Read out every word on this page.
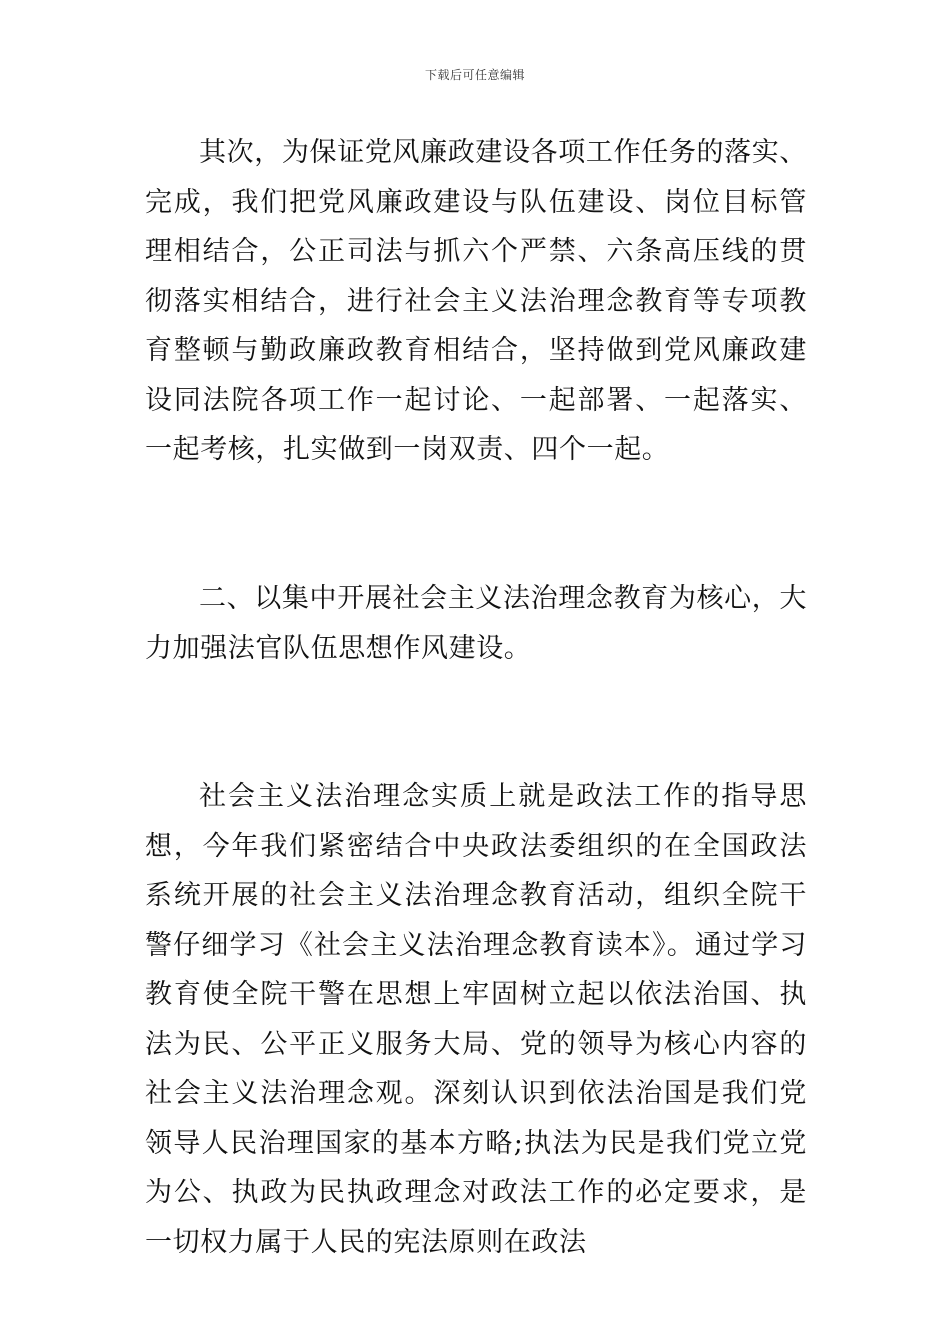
下载后可任意编辑

其次，为保证党风廉政建设各项工作任务的落实、完成，我们把党风廉政建设与队伍建设、岗位目标管理相结合，公正司法与抓六个严禁、六条高压线的贯彻落实相结合，进行社会主义法治理念教育等专项教育整顿与勤政廉政教育相结合，坚持做到党风廉政建设同法院各项工作一起讨论、一起部署、一起落实、一起考核，扎实做到一岗双责、四个一起。

二、以集中开展社会主义法治理念教育为核心，大力加强法官队伍思想作风建设。

社会主义法治理念实质上就是政法工作的指导思想，今年我们紧密结合中央政法委组织的在全国政法系统开展的社会主义法治理念教育活动，组织全院干警仔细学习《社会主义法治理念教育读本》。通过学习教育使全院干警在思想上牢固树立起以依法治国、执法为民、公平正义服务大局、党的领导为核心内容的社会主义法治理念观。深刻认识到依法治国是我们党领导人民治理国家的基本方略;执法为民是我们党立党为公、执政为民执政理念对政法工作的必定要求，是一切权力属于人民的宪法原则在政法
